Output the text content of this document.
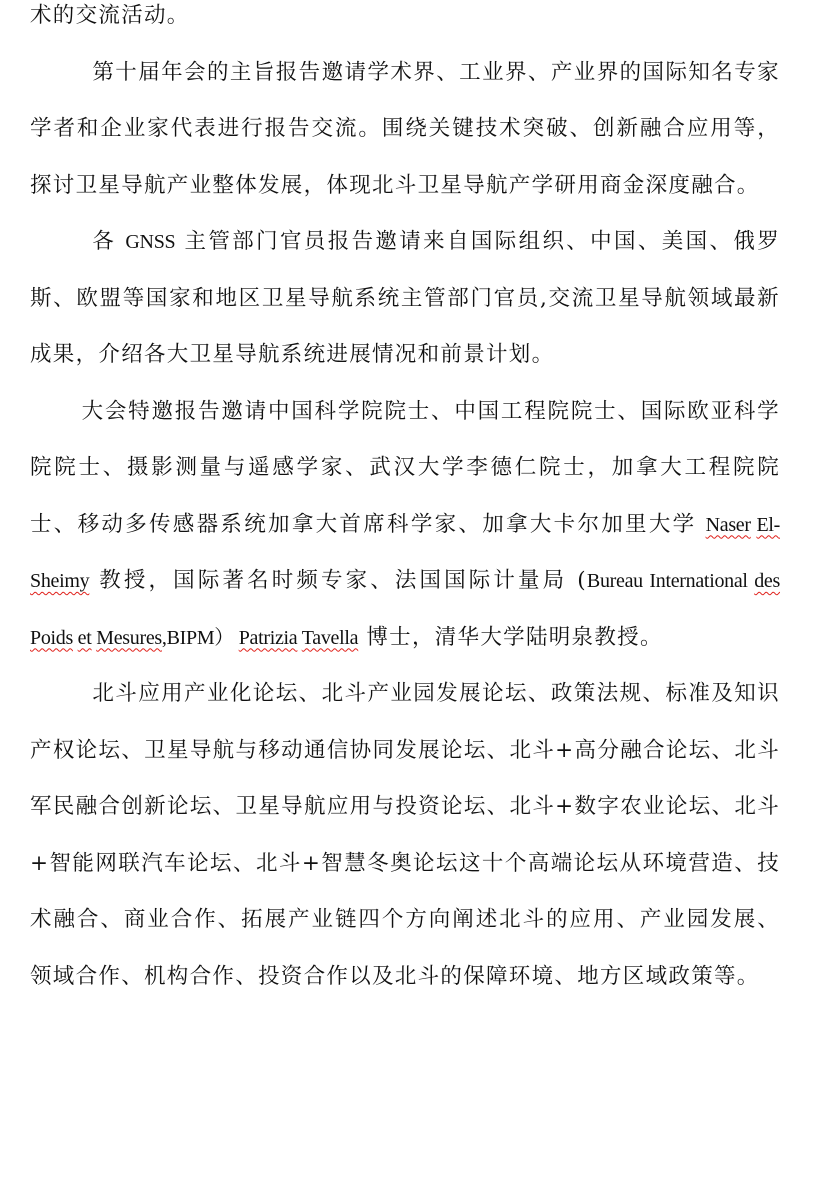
术的交流活动。

第十届年会的主旨报告邀请学术界、工业界、产业界的国际知名专家学者和企业家代表进行报告交流。围绕关键技术突破、创新融合应用等，探讨卫星导航产业整体发展，体现北斗卫星导航产学研用商金深度融合。

各 GNSS 主管部门官员报告邀请来自国际组织、中国、美国、俄罗斯、欧盟等国家和地区卫星导航系统主管部门官员,交流卫星导航领域最新成果，介绍各大卫星导航系统进展情况和前景计划。

大会特邀报告邀请中国科学院院士、中国工程院院士、国际欧亚科学院院士、摄影测量与遥感学家、武汉大学李德仁院士，加拿大工程院院士、移动多传感器系统加拿大首席科学家、加拿大卡尔加里大学 Naser El-Sheimy 教授，国际著名时频专家、法国国际计量局 (Bureau International des Poids et Mesures,BIPM） Patrizia Tavella 博士，清华大学陆明泉教授。

北斗应用产业化论坛、北斗产业园发展论坛、政策法规、标准及知识产权论坛、卫星导航与移动通信协同发展论坛、北斗+高分融合论坛、北斗军民融合创新论坛、卫星导航应用与投资论坛、北斗+数字农业论坛、北斗+智能网联汽车论坛、北斗+智慧冬奥论坛这十个高端论坛从环境营造、技术融合、商业合作、拓展产业链四个方向阐述北斗的应用、产业园发展、领域合作、机构合作、投资合作以及北斗的保障环境、地方区域政策等。
